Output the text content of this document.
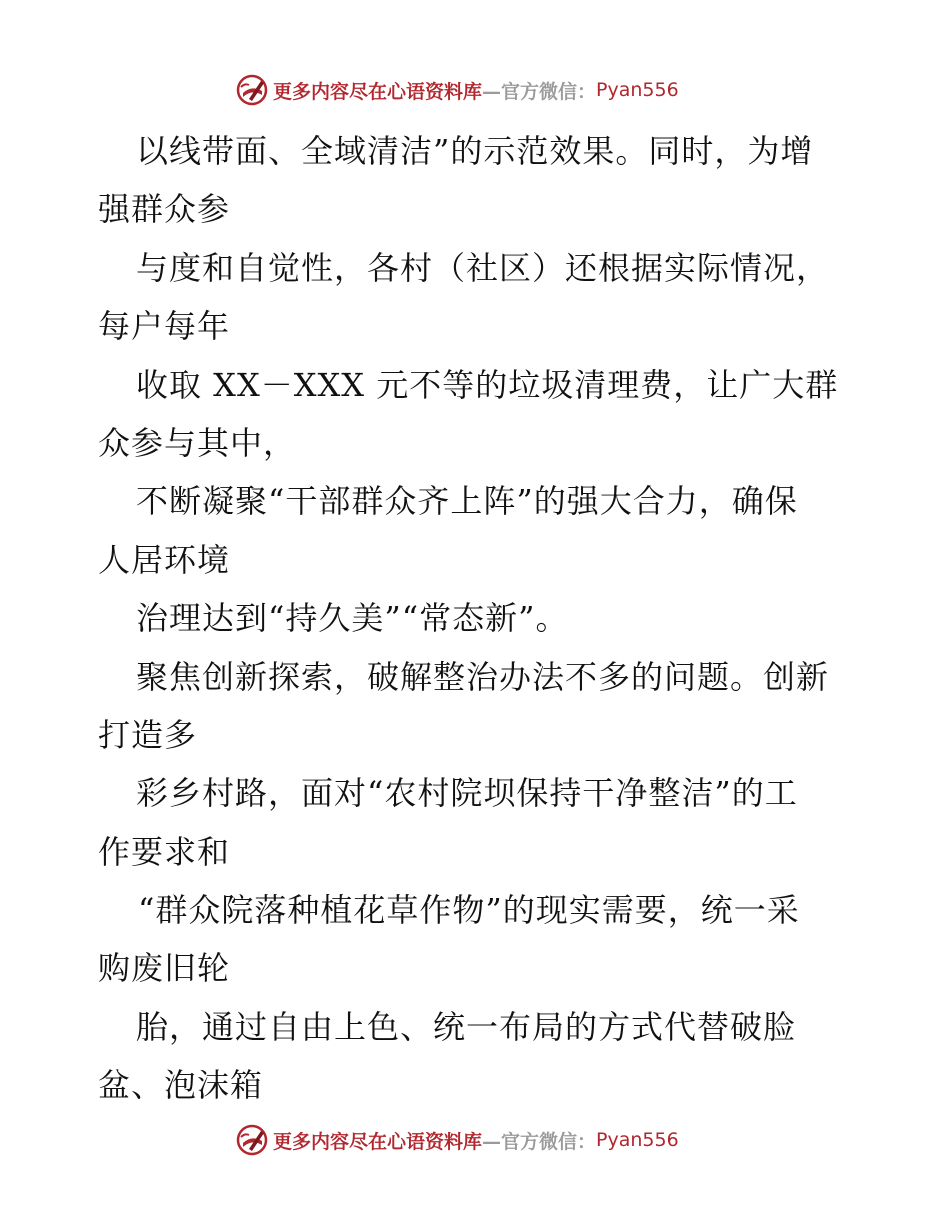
更多内容尽在心语资料库 —官方微信： Pyan556
以线带面、全域清洁”的示范效果。同时，为增
强群众参
与度和自觉性，各村（社区）还根据实际情况，
每户每年
收取 XX－XXX 元不等的垃圾清理费，让广大群
众参与其中，
不断凝聚“干部群众齐上阵”的强大合力，确保
人居环境
治理达到“持久美”“常态新”。
聚焦创新探索，破解整治办法不多的问题。创新
打造多
彩乡村路，面对“农村院坝保持干净整洁”的工
作要求和
“群众院落种植花草作物”的现实需要，统一采
购废旧轮
胎，通过自由上色、统一布局的方式代替破脸
盆、泡沫箱
更多内容尽在心语资料库 —官方微信： Pyan556
